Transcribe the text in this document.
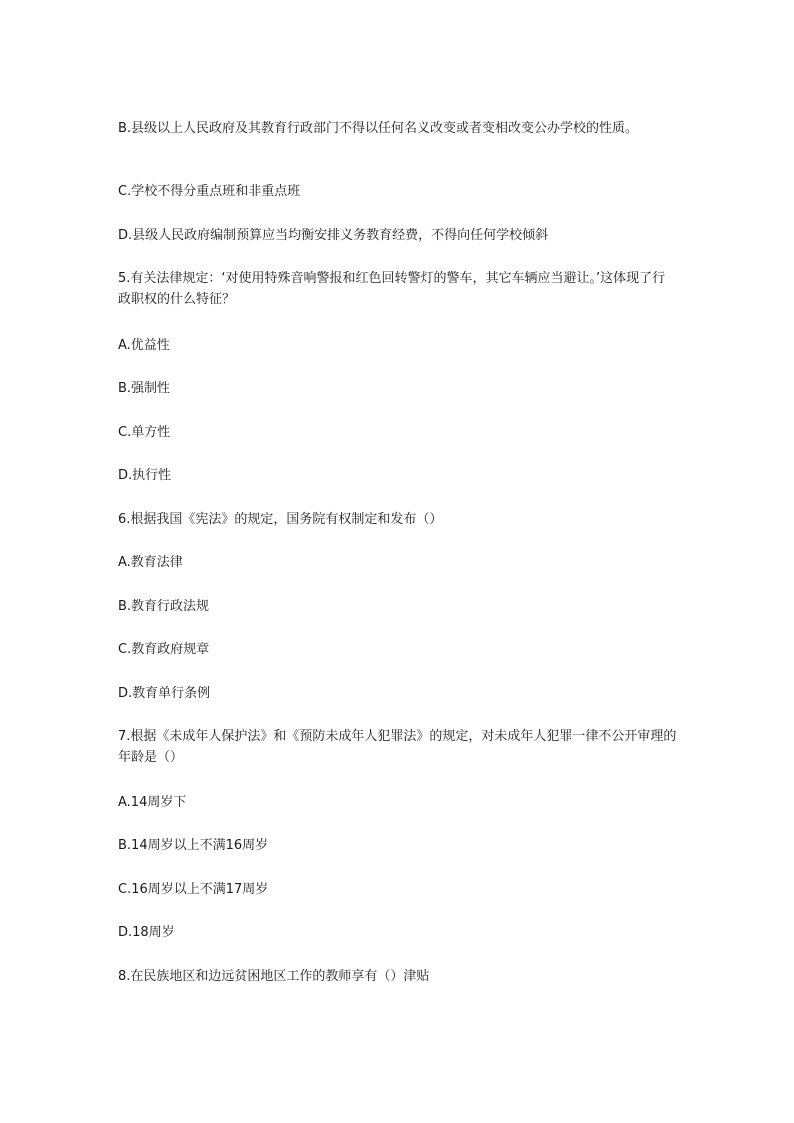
B.县级以上人民政府及其教育行政部门不得以任何名义改变或者变相改变公办学校的性质。
C.学校不得分重点班和非重点班
D.县级人民政府编制预算应当均衡安排义务教育经费，不得向任何学校倾斜
5.有关法律规定：‘对使用特殊音响警报和红色回转警灯的警车，其它车辆应当避让。’这体现了行政职权的什么特征？
A.优益性
B.强制性
C.单方性
D.执行性
6.根据我国《宪法》的规定，国务院有权制定和发布（）
A.教育法律
B.教育行政法规
C.教育政府规章
D.教育单行条例
7.根据《未成年人保护法》和《预防未成年人犯罪法》的规定，对未成年人犯罪一律不公开审理的年龄是（）
A.14周岁下
B.14周岁以上不满16周岁
C.16周岁以上不满17周岁
D.18周岁
8.在民族地区和边远贫困地区工作的教师享有（）津贴
